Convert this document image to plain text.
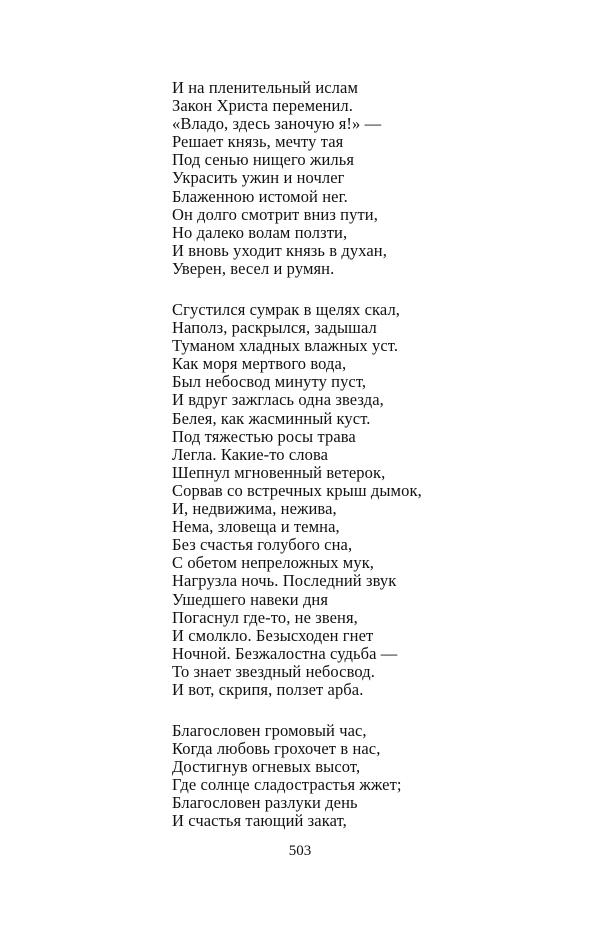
И на пленительный ислам
Закон Христа переменил.
«Владо, здесь заночую я!» —
Решает князь, мечту тая
Под сенью нищего жилья
Украсить ужин и ночлег
Блаженною истомой нег.
Он долго смотрит вниз пути,
Но далеко волам ползти,
И вновь уходит князь в духан,
Уверен, весел и румян.
Сгустился сумрак в щелях скал,
Наполз, раскрылся, задышал
Туманом хладных влажных уст.
Как моря мертвого вода,
Был небосвод минуту пуст,
И вдруг зажглась одна звезда,
Белея, как жасминный куст.
Под тяжестью росы трава
Легла. Какие-то слова
Шепнул мгновенный ветерок,
Сорвав со встречных крыш дымок,
И, недвижима, нежива,
Нема, зловеща и темна,
Без счастья голубого сна,
С обетом непреложных мук,
Нагрузла ночь. Последний звук
Ушедшего навеки дня
Погаснул где-то, не звеня,
И смолкло. Безысходен гнет
Ночной. Безжалостна судьба —
То знает звездный небосвод.
И вот, скрипя, ползет арба.
Благословен громовый час,
Когда любовь грохочет в нас,
Достигнув огневых высот,
Где солнце сладострастья жжет;
Благословен разлуки день
И счастья тающий закат,
503
